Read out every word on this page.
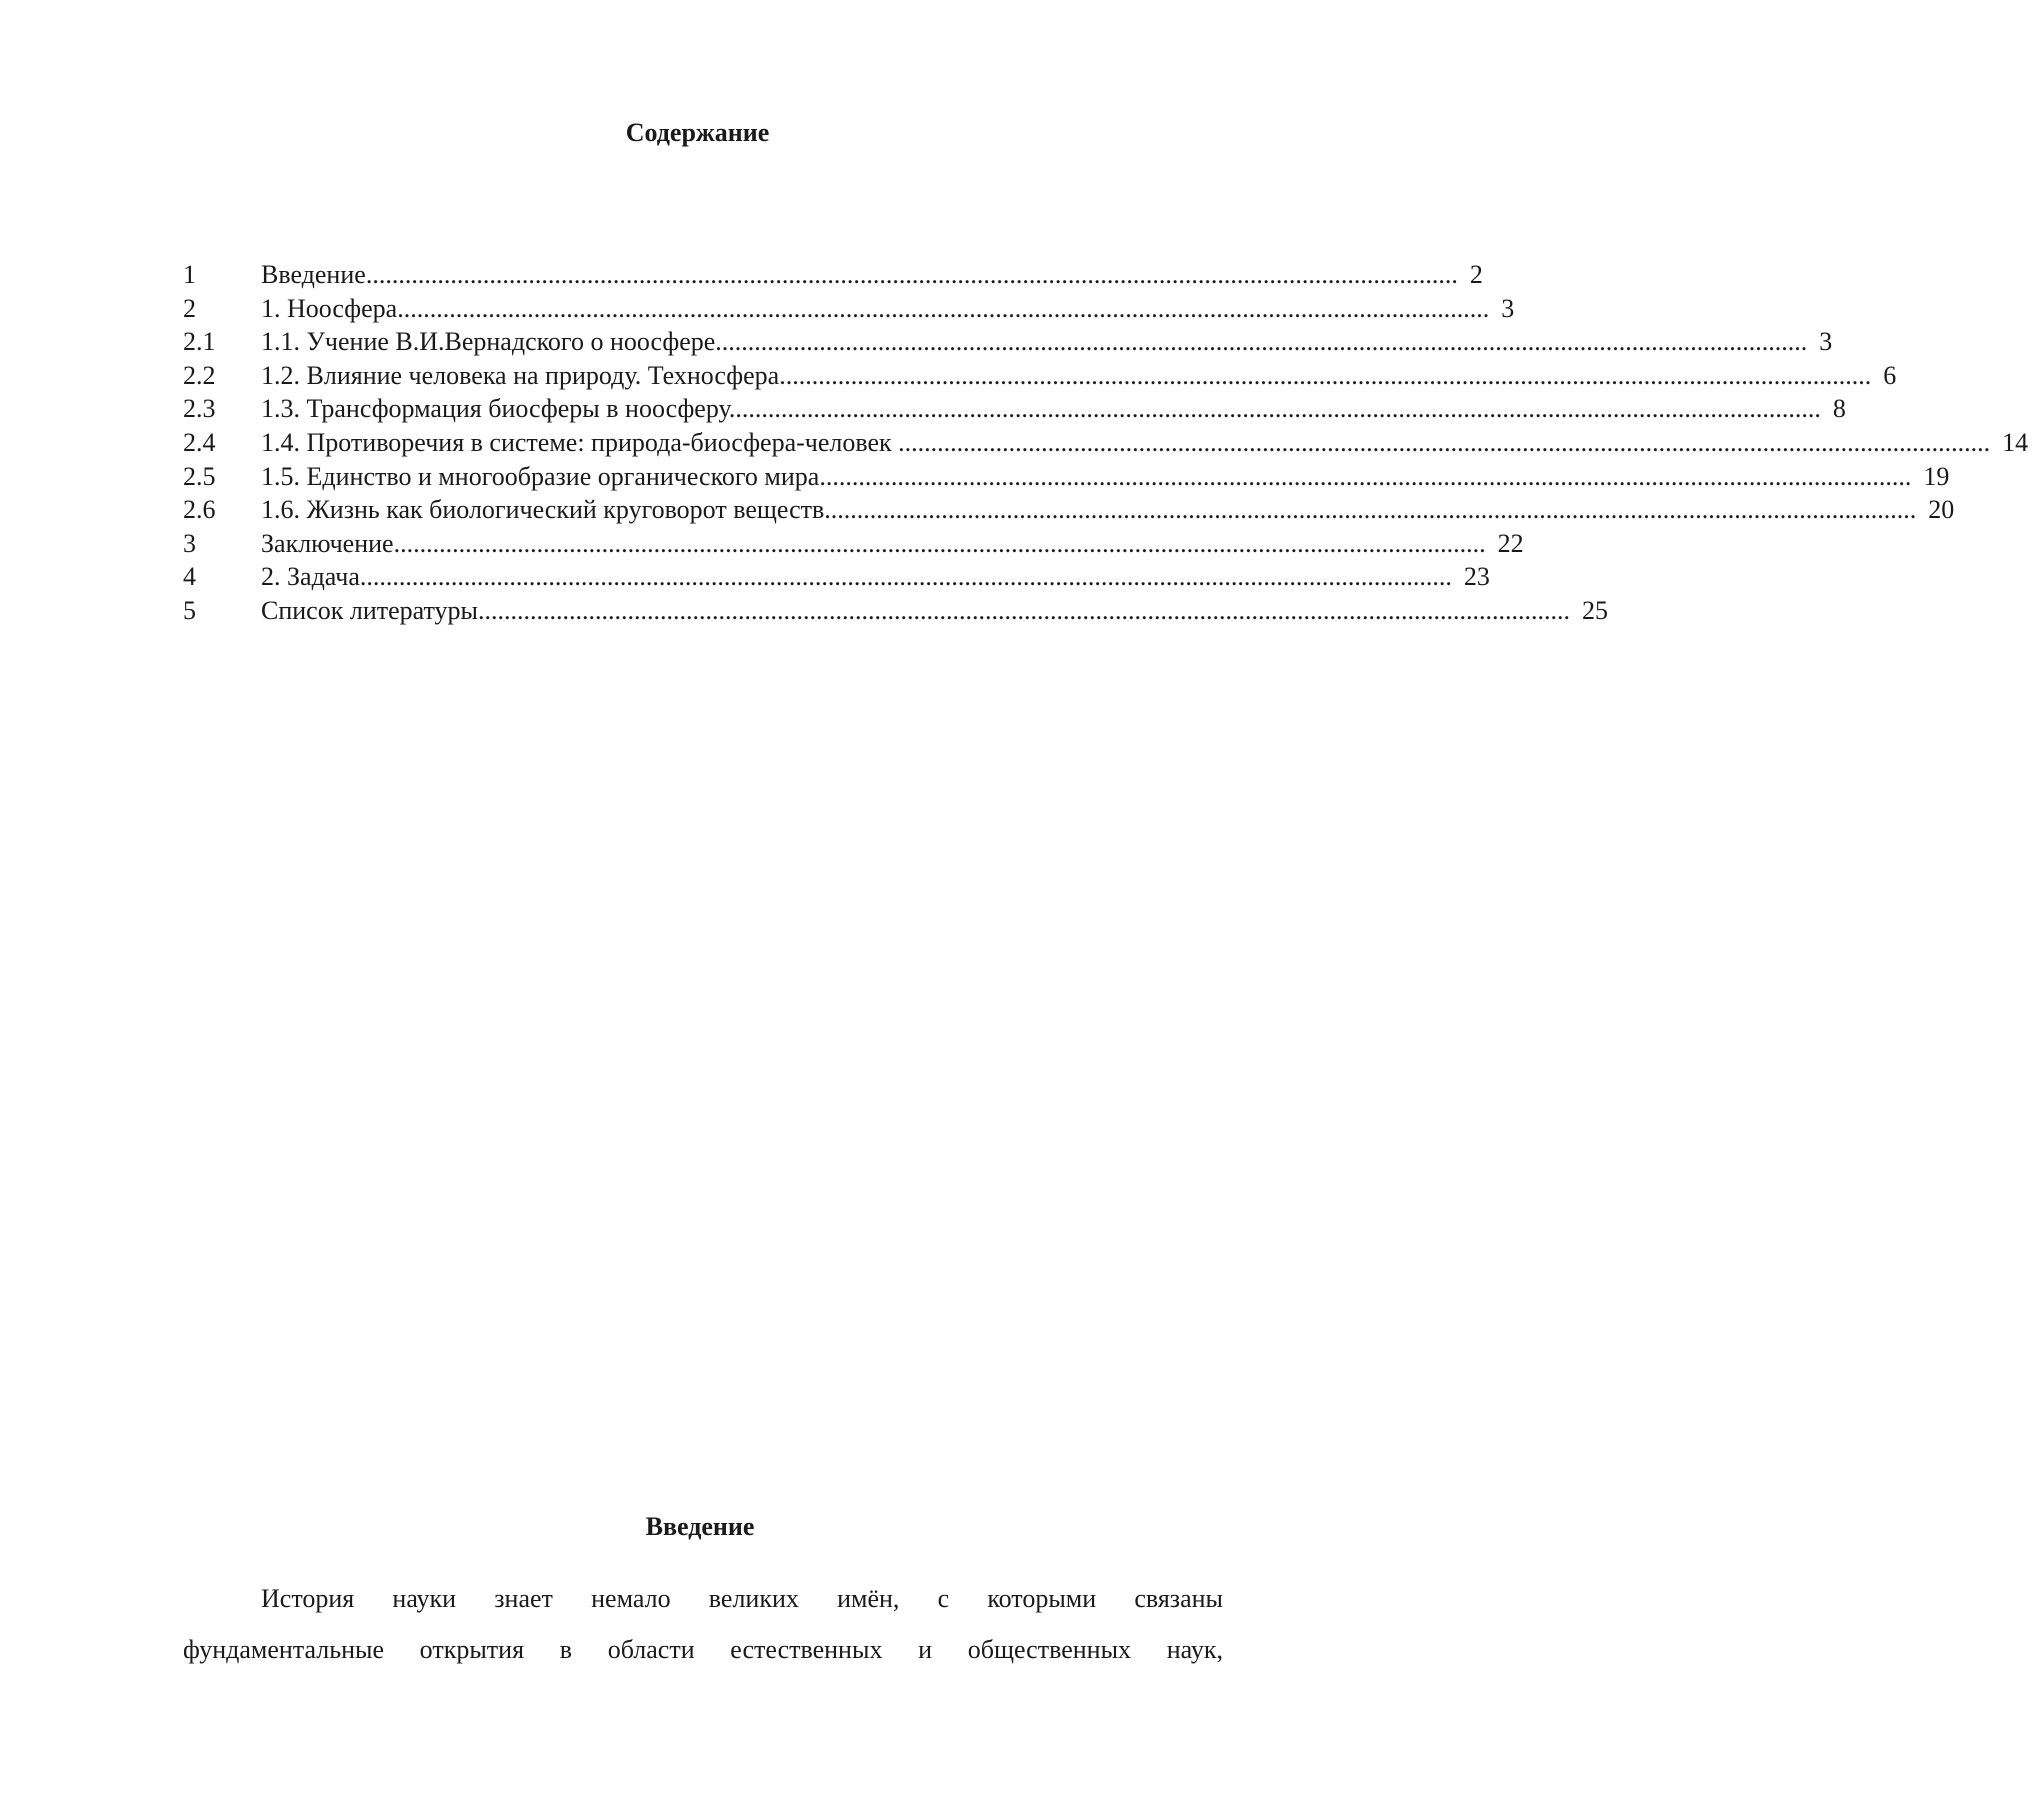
Содержание
1	Введение........................................................................................................................................................................ 2
2	1. Ноосфера........................................................................................................................................................................ 3
2.1	1.1. Учение В.И.Вернадского о ноосфере........................................................................................................................................................................ 3
2.2	1.2. Влияние человека на природу. Техносфера........................................................................................................................................................................ 6
2.3	1.3. Трансформация биосферы в ноосферу........................................................................................................................................................................ 8
2.4	1.4. Противоречия в системе: природа-биосфера-человек ........................................................................................................................................................................ 14
2.5	1.5. Единство и многообразие органического мира........................................................................................................................................................................ 19
2.6	1.6. Жизнь как биологический круговорот веществ........................................................................................................................................................................ 20
3	Заключение........................................................................................................................................................................ 22
4	2. Задача........................................................................................................................................................................ 23
5	Список литературы........................................................................................................................................................................ 25
Введение
История науки знает немало великих имён, с которыми связаны
фундаментальные открытия в области естественных и общественных наук,
